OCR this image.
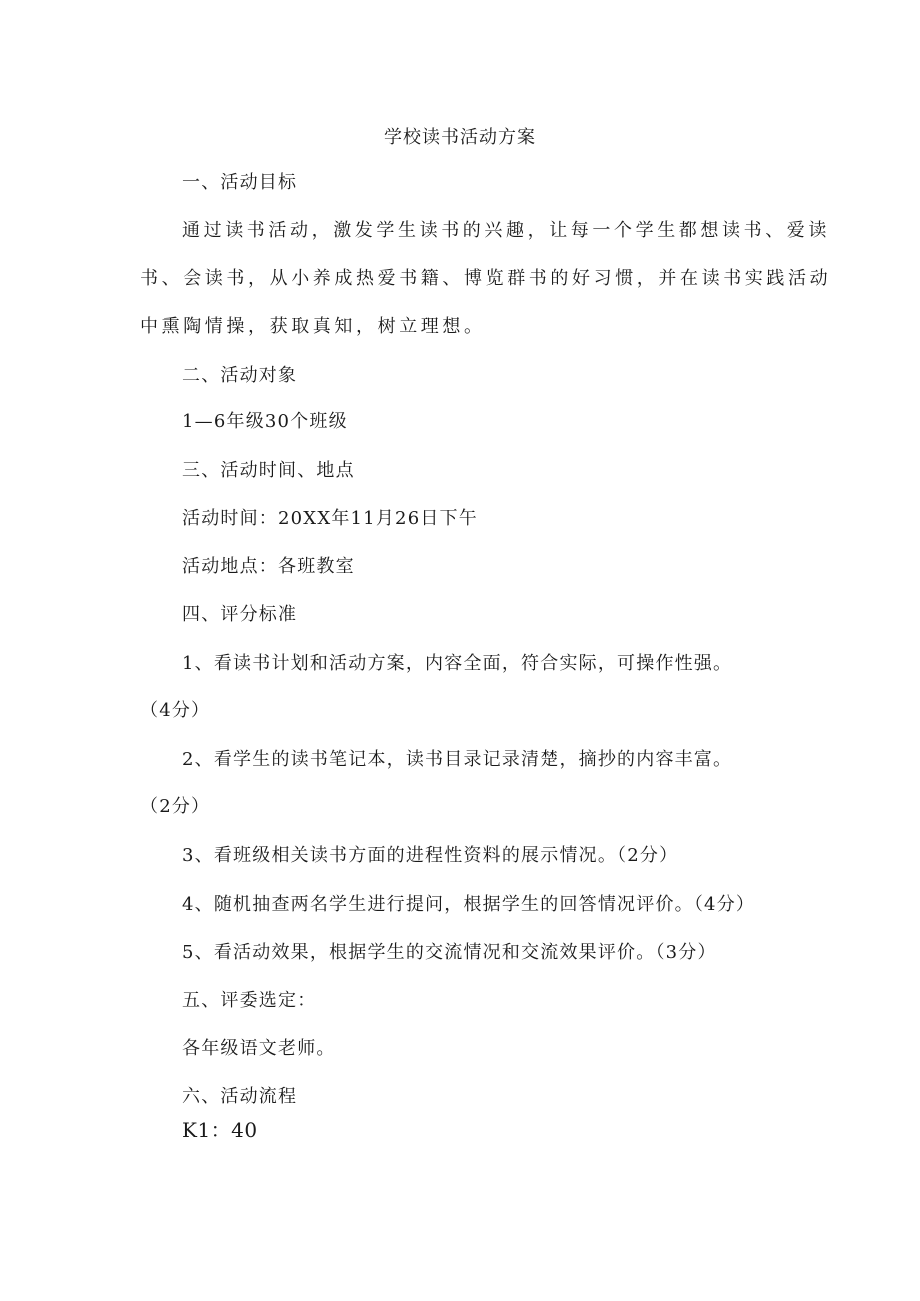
学校读书活动方案
一、活动目标
通过读书活动，激发学生读书的兴趣，让每一个学生都想读书、爱读
书、会读书，从小养成热爱书籍、博览群书的好习惯，并在读书实践活动
中熏陶情操，获取真知，树立理想。
二、活动对象
1—6年级30个班级
三、活动时间、地点
活动时间：20XX年11月26日下午
活动地点：各班教室
四、评分标准
1、看读书计划和活动方案，内容全面，符合实际，可操作性强。
（4分）
2、看学生的读书笔记本，读书目录记录清楚，摘抄的内容丰富。
（2分）
3、看班级相关读书方面的进程性资料的展示情况。（2分）
4、随机抽查两名学生进行提问，根据学生的回答情况评价。（4分）
5、看活动效果，根据学生的交流情况和交流效果评价。（3分）
五、评委选定：
各年级语文老师。
六、活动流程
K1：40
